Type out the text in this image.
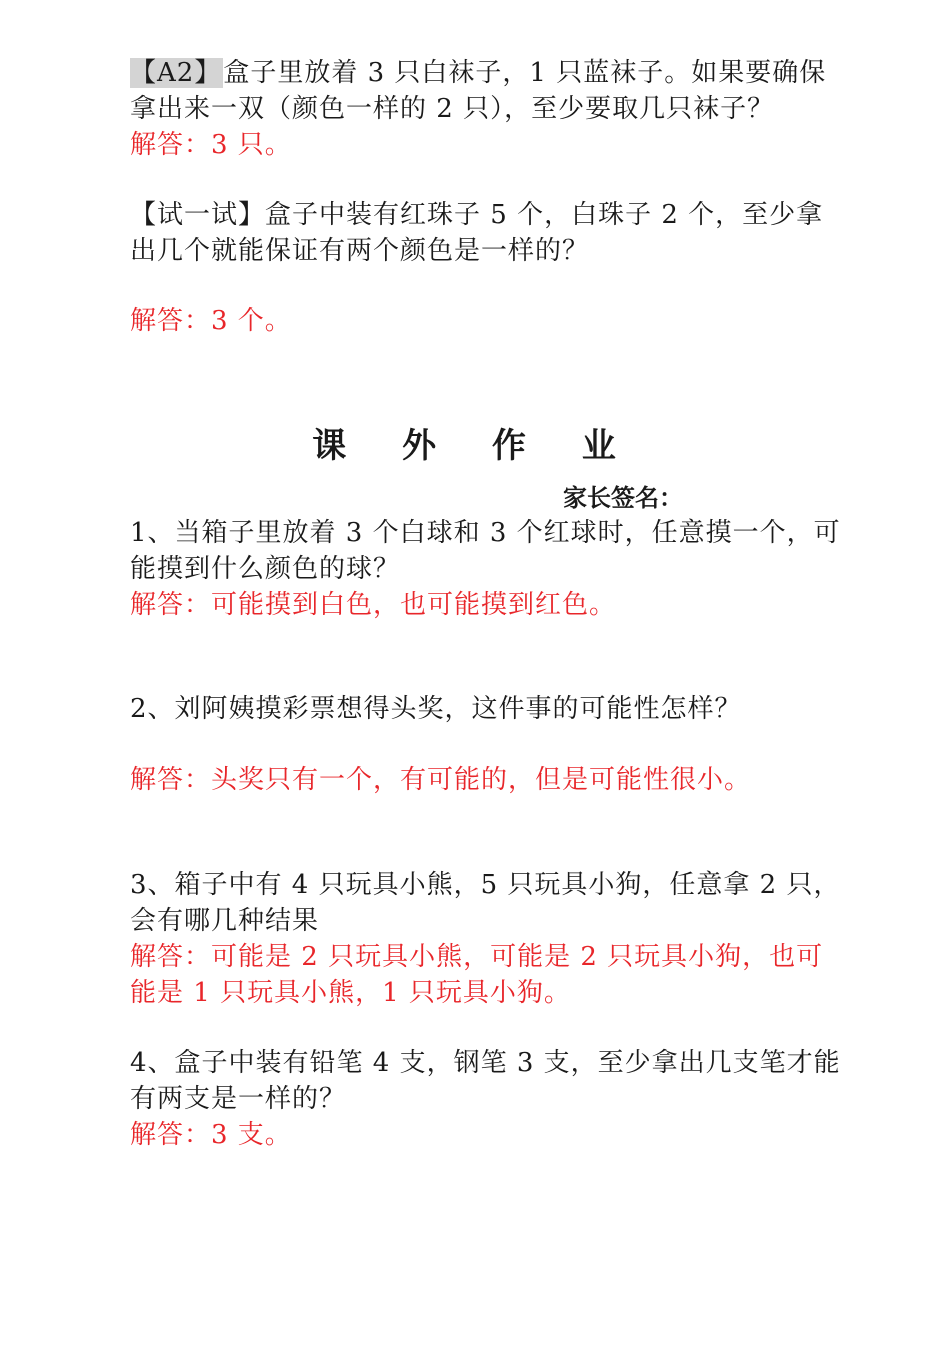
【A2】盒子里放着 3 只白袜子，1 只蓝袜子。如果要确保
拿出来一双（颜色一样的 2 只），至少要取几只袜子？
解答：3 只。
【试一试】盒子中装有红珠子 5 个，白珠子 2 个，至少拿
出几个就能保证有两个颜色是一样的？
解答：3 个。
课 外 作 业
家长签名：
1、当箱子里放着 3 个白球和 3 个红球时，任意摸一个，可
能摸到什么颜色的球？
解答：可能摸到白色，也可能摸到红色。
2、刘阿姨摸彩票想得头奖，这件事的可能性怎样？
解答：头奖只有一个，有可能的，但是可能性很小。
3、箱子中有 4 只玩具小熊，5 只玩具小狗，任意拿 2 只，
会有哪几种结果
解答：可能是 2 只玩具小熊，可能是 2 只玩具小狗，也可
能是 1 只玩具小熊，1 只玩具小狗。
4、盒子中装有铅笔 4 支，钢笔 3 支，至少拿出几支笔才能
有两支是一样的？
解答：3 支。
